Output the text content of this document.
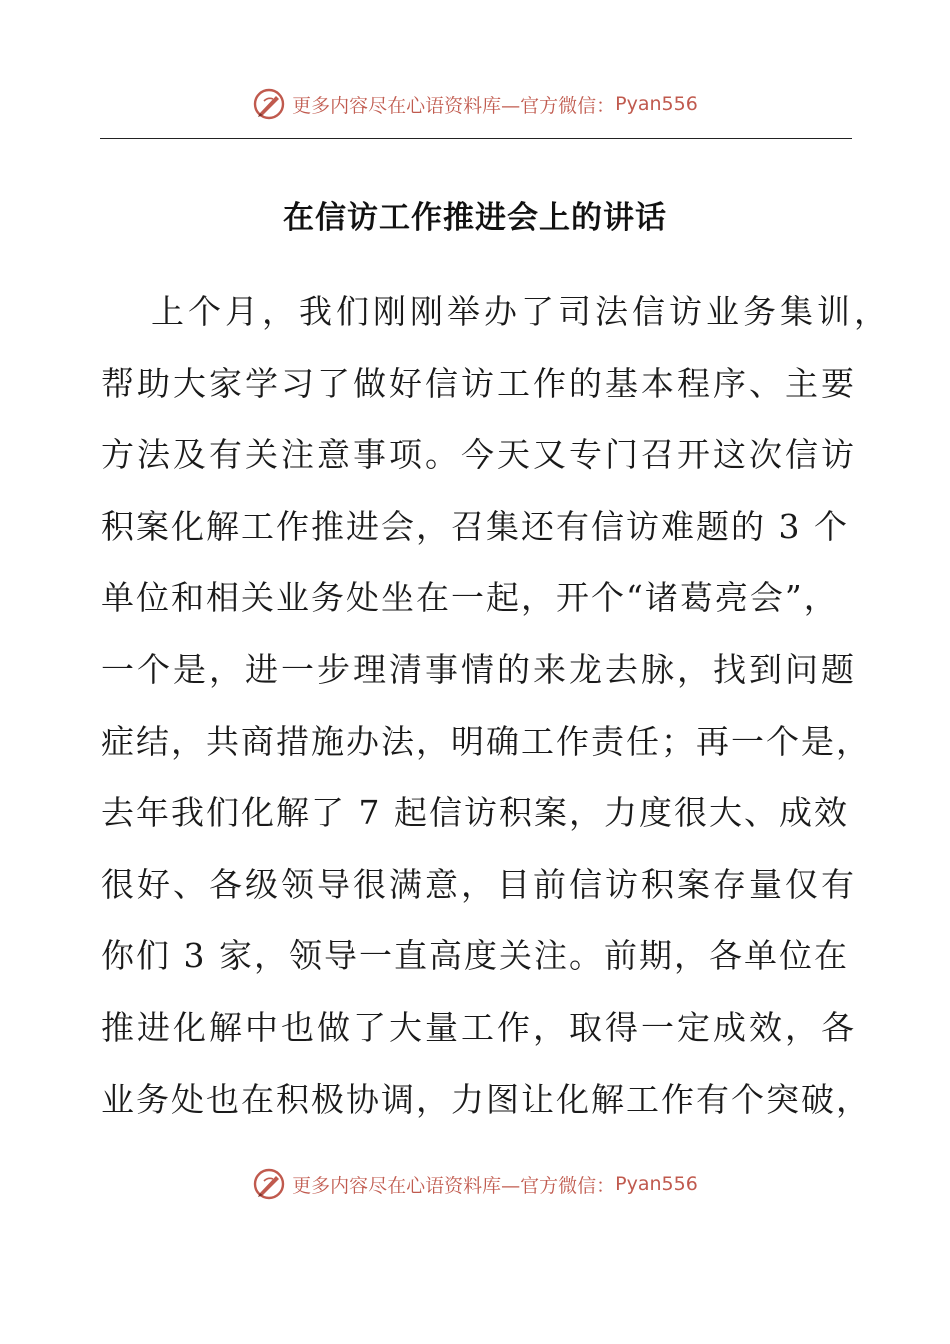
更多内容尽在心语资料库—官方微信： Pyan556
在信访工作推进会上的讲话
上个月，我们刚刚举办了司法信访业务集训，
帮助大家学习了做好信访工作的基本程序、主要
方法及有关注意事项。今天又专门召开这次信访
积案化解工作推进会，召集还有信访难题的 3 个
单位和相关业务处坐在一起，开个“诸葛亮会”，
一个是，进一步理清事情的来龙去脉，找到问题
症结，共商措施办法，明确工作责任；再一个是，
去年我们化解了 7 起信访积案，力度很大、成效
很好、各级领导很满意，目前信访积案存量仅有
你们 3 家，领导一直高度关注。前期，各单位在
推进化解中也做了大量工作，取得一定成效，各
业务处也在积极协调，力图让化解工作有个突破，
更多内容尽在心语资料库—官方微信： Pyan556
